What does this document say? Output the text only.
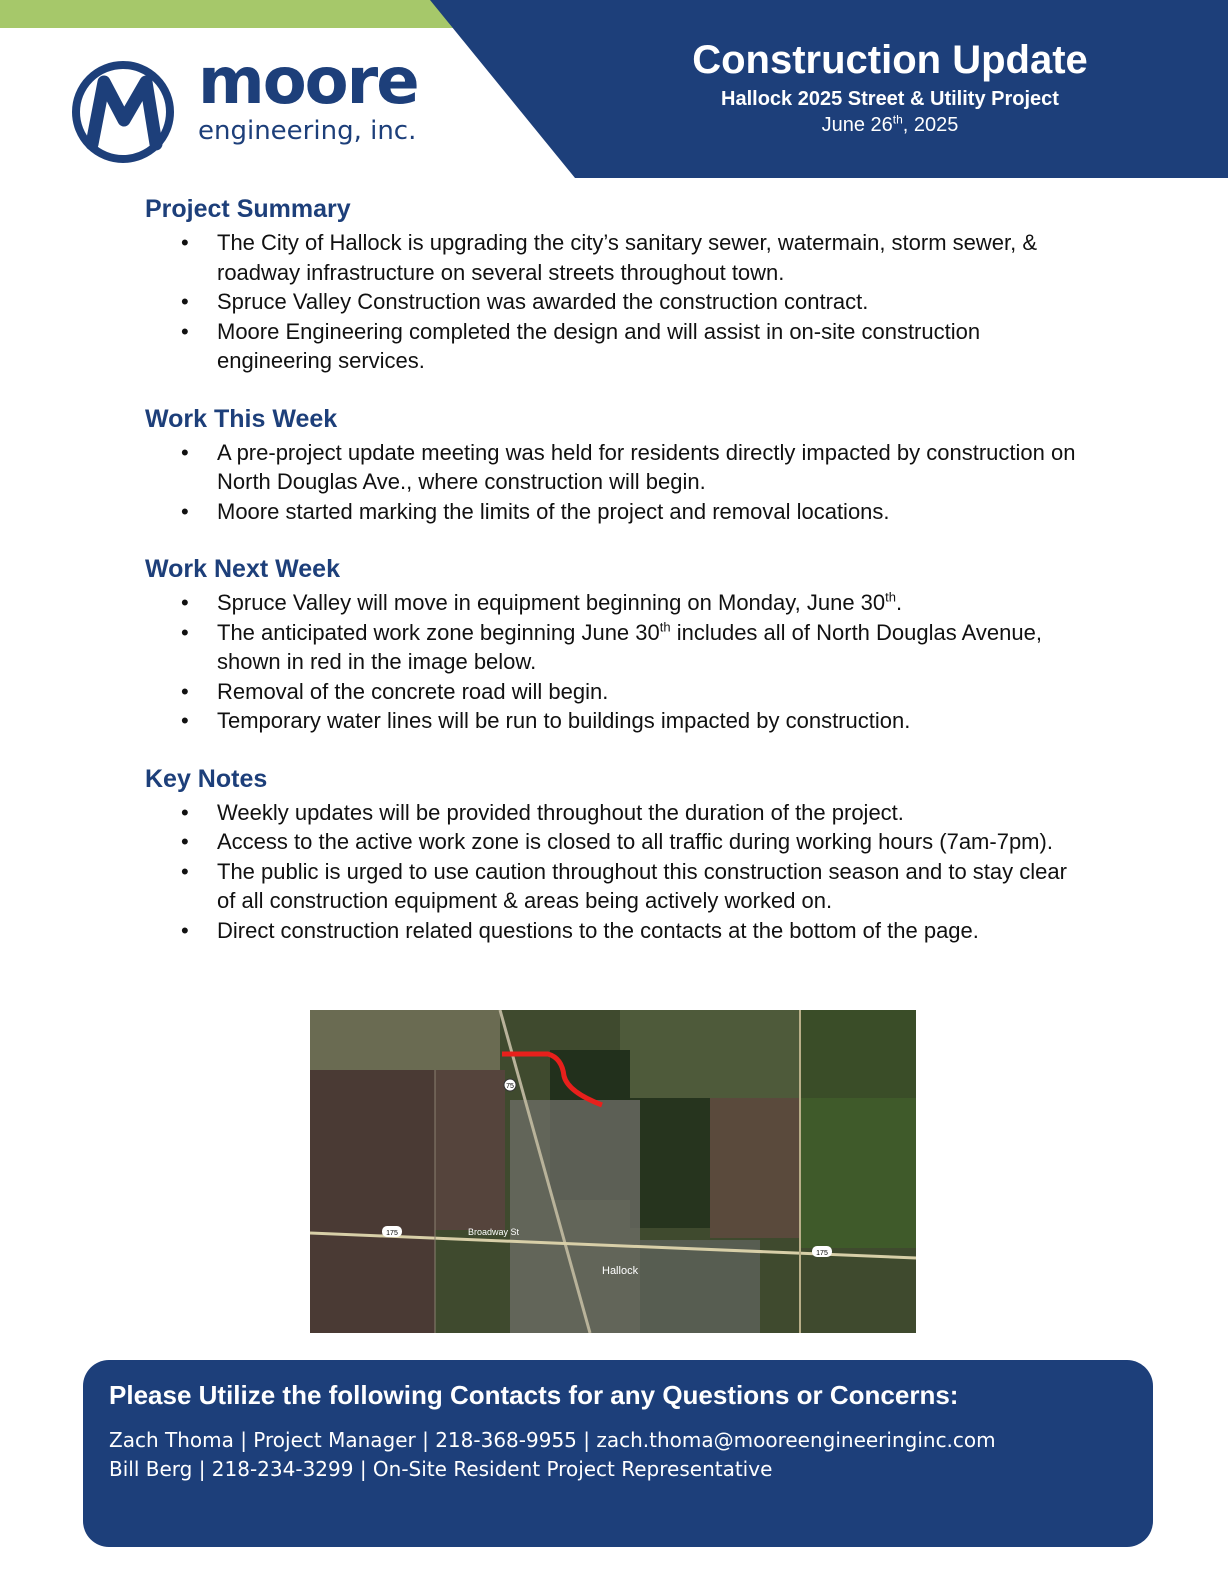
moore
engineering, inc.
Construction Update
Hallock 2025 Street & Utility Project
June 26th, 2025
Project Summary
• The City of Hallock is upgrading the city’s sanitary sewer, watermain, storm sewer, & roadway infrastructure on several streets throughout town.
• Spruce Valley Construction was awarded the construction contract.
• Moore Engineering completed the design and will assist in on-site construction engineering services.
Work This Week
• A pre-project update meeting was held for residents directly impacted by construction on North Douglas Ave., where construction will begin.
• Moore started marking the limits of the project and removal locations.
Work Next Week
• Spruce Valley will move in equipment beginning on Monday, June 30th.
• The anticipated work zone beginning June 30th includes all of North Douglas Avenue, shown in red in the image below.
• Removal of the concrete road will begin.
• Temporary water lines will be run to buildings impacted by construction.
Key Notes
• Weekly updates will be provided throughout the duration of the project.
• Access to the active work zone is closed to all traffic during working hours (7am-7pm).
• The public is urged to use caution throughout this construction season and to stay clear of all construction equipment & areas being actively worked on.
• Direct construction related questions to the contacts at the bottom of the page.
75
175
175
Broadway St
Hallock
Please Utilize the following Contacts for any Questions or Concerns:
Zach Thoma | Project Manager | 218-368-9955 | zach.thoma@mooreengineeringinc.com
Bill Berg | 218-234-3299 | On-Site Resident Project Representative
